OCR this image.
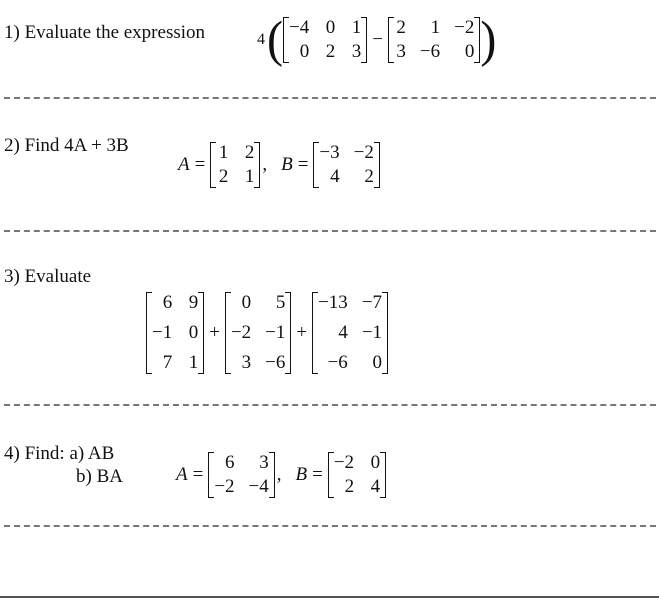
1) Evaluate the expression	4 ( −4 0 1
0 2 3
−
2	1 −2
3 −6	0 )
2) Find 4A + 3B
A =
1 2
2 1
, B =
−3 −2
4	2
3) Evaluate
6 9
−1 0
7 1
+
0	5
−2 −1
3 −6
+
−13 −7
4 −1
−6	0
4) Find: a) AB
b) BA	A =
6	3
−2 −4
, B =
−2 0
2 4
